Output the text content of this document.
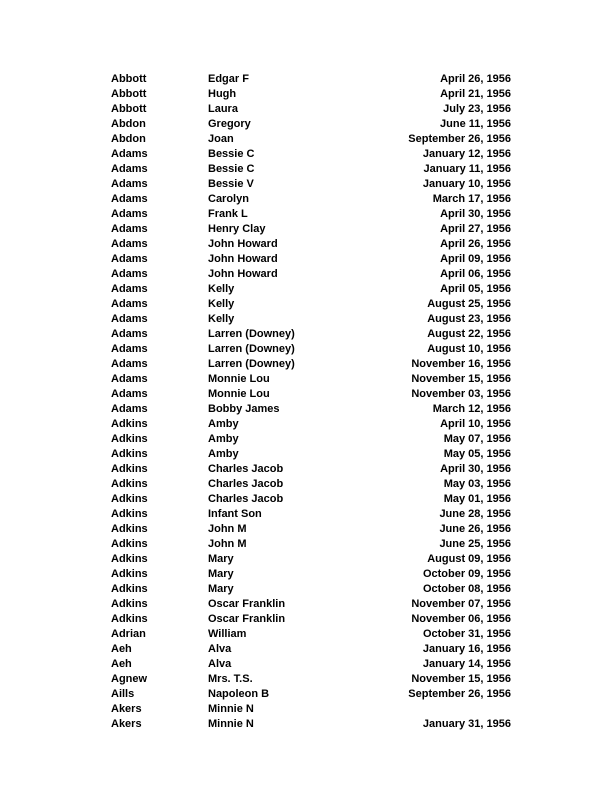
Abbott	Edgar F	April 26, 1956
Abbott	Hugh	April 21, 1956
Abbott	Laura	July 23, 1956
Abdon	Gregory	June 11, 1956
Abdon	Joan	September 26, 1956
Adams	Bessie C	January 12, 1956
Adams	Bessie C	January 11, 1956
Adams	Bessie V	January 10, 1956
Adams	Carolyn	March 17, 1956
Adams	Frank L	April 30, 1956
Adams	Henry Clay	April 27, 1956
Adams	John Howard	April 26, 1956
Adams	John Howard	April 09, 1956
Adams	John Howard	April 06, 1956
Adams	Kelly	April 05, 1956
Adams	Kelly	August 25, 1956
Adams	Kelly	August 23, 1956
Adams	Larren (Downey)	August 22, 1956
Adams	Larren (Downey)	August 10, 1956
Adams	Larren (Downey)	November 16, 1956
Adams	Monnie Lou	November 15, 1956
Adams	Monnie Lou	November 03, 1956
Adams	Bobby James	March 12, 1956
Adkins	Amby	April 10, 1956
Adkins	Amby	May 07, 1956
Adkins	Amby	May 05, 1956
Adkins	Charles Jacob	April 30, 1956
Adkins	Charles Jacob	May 03, 1956
Adkins	Charles Jacob	May 01, 1956
Adkins	Infant Son	June 28, 1956
Adkins	John M	June 26, 1956
Adkins	John M	June 25, 1956
Adkins	Mary	August 09, 1956
Adkins	Mary	October 09, 1956
Adkins	Mary	October 08, 1956
Adkins	Oscar Franklin	November 07, 1956
Adkins	Oscar Franklin	November 06, 1956
Adrian	William	October 31, 1956
Aeh	Alva	January 16, 1956
Aeh	Alva	January 14, 1956
Agnew	Mrs. T.S.	November 15, 1956
Aills	Napoleon B	September 26, 1956
Akers	Minnie N
Akers	Minnie N	January 31, 1956
